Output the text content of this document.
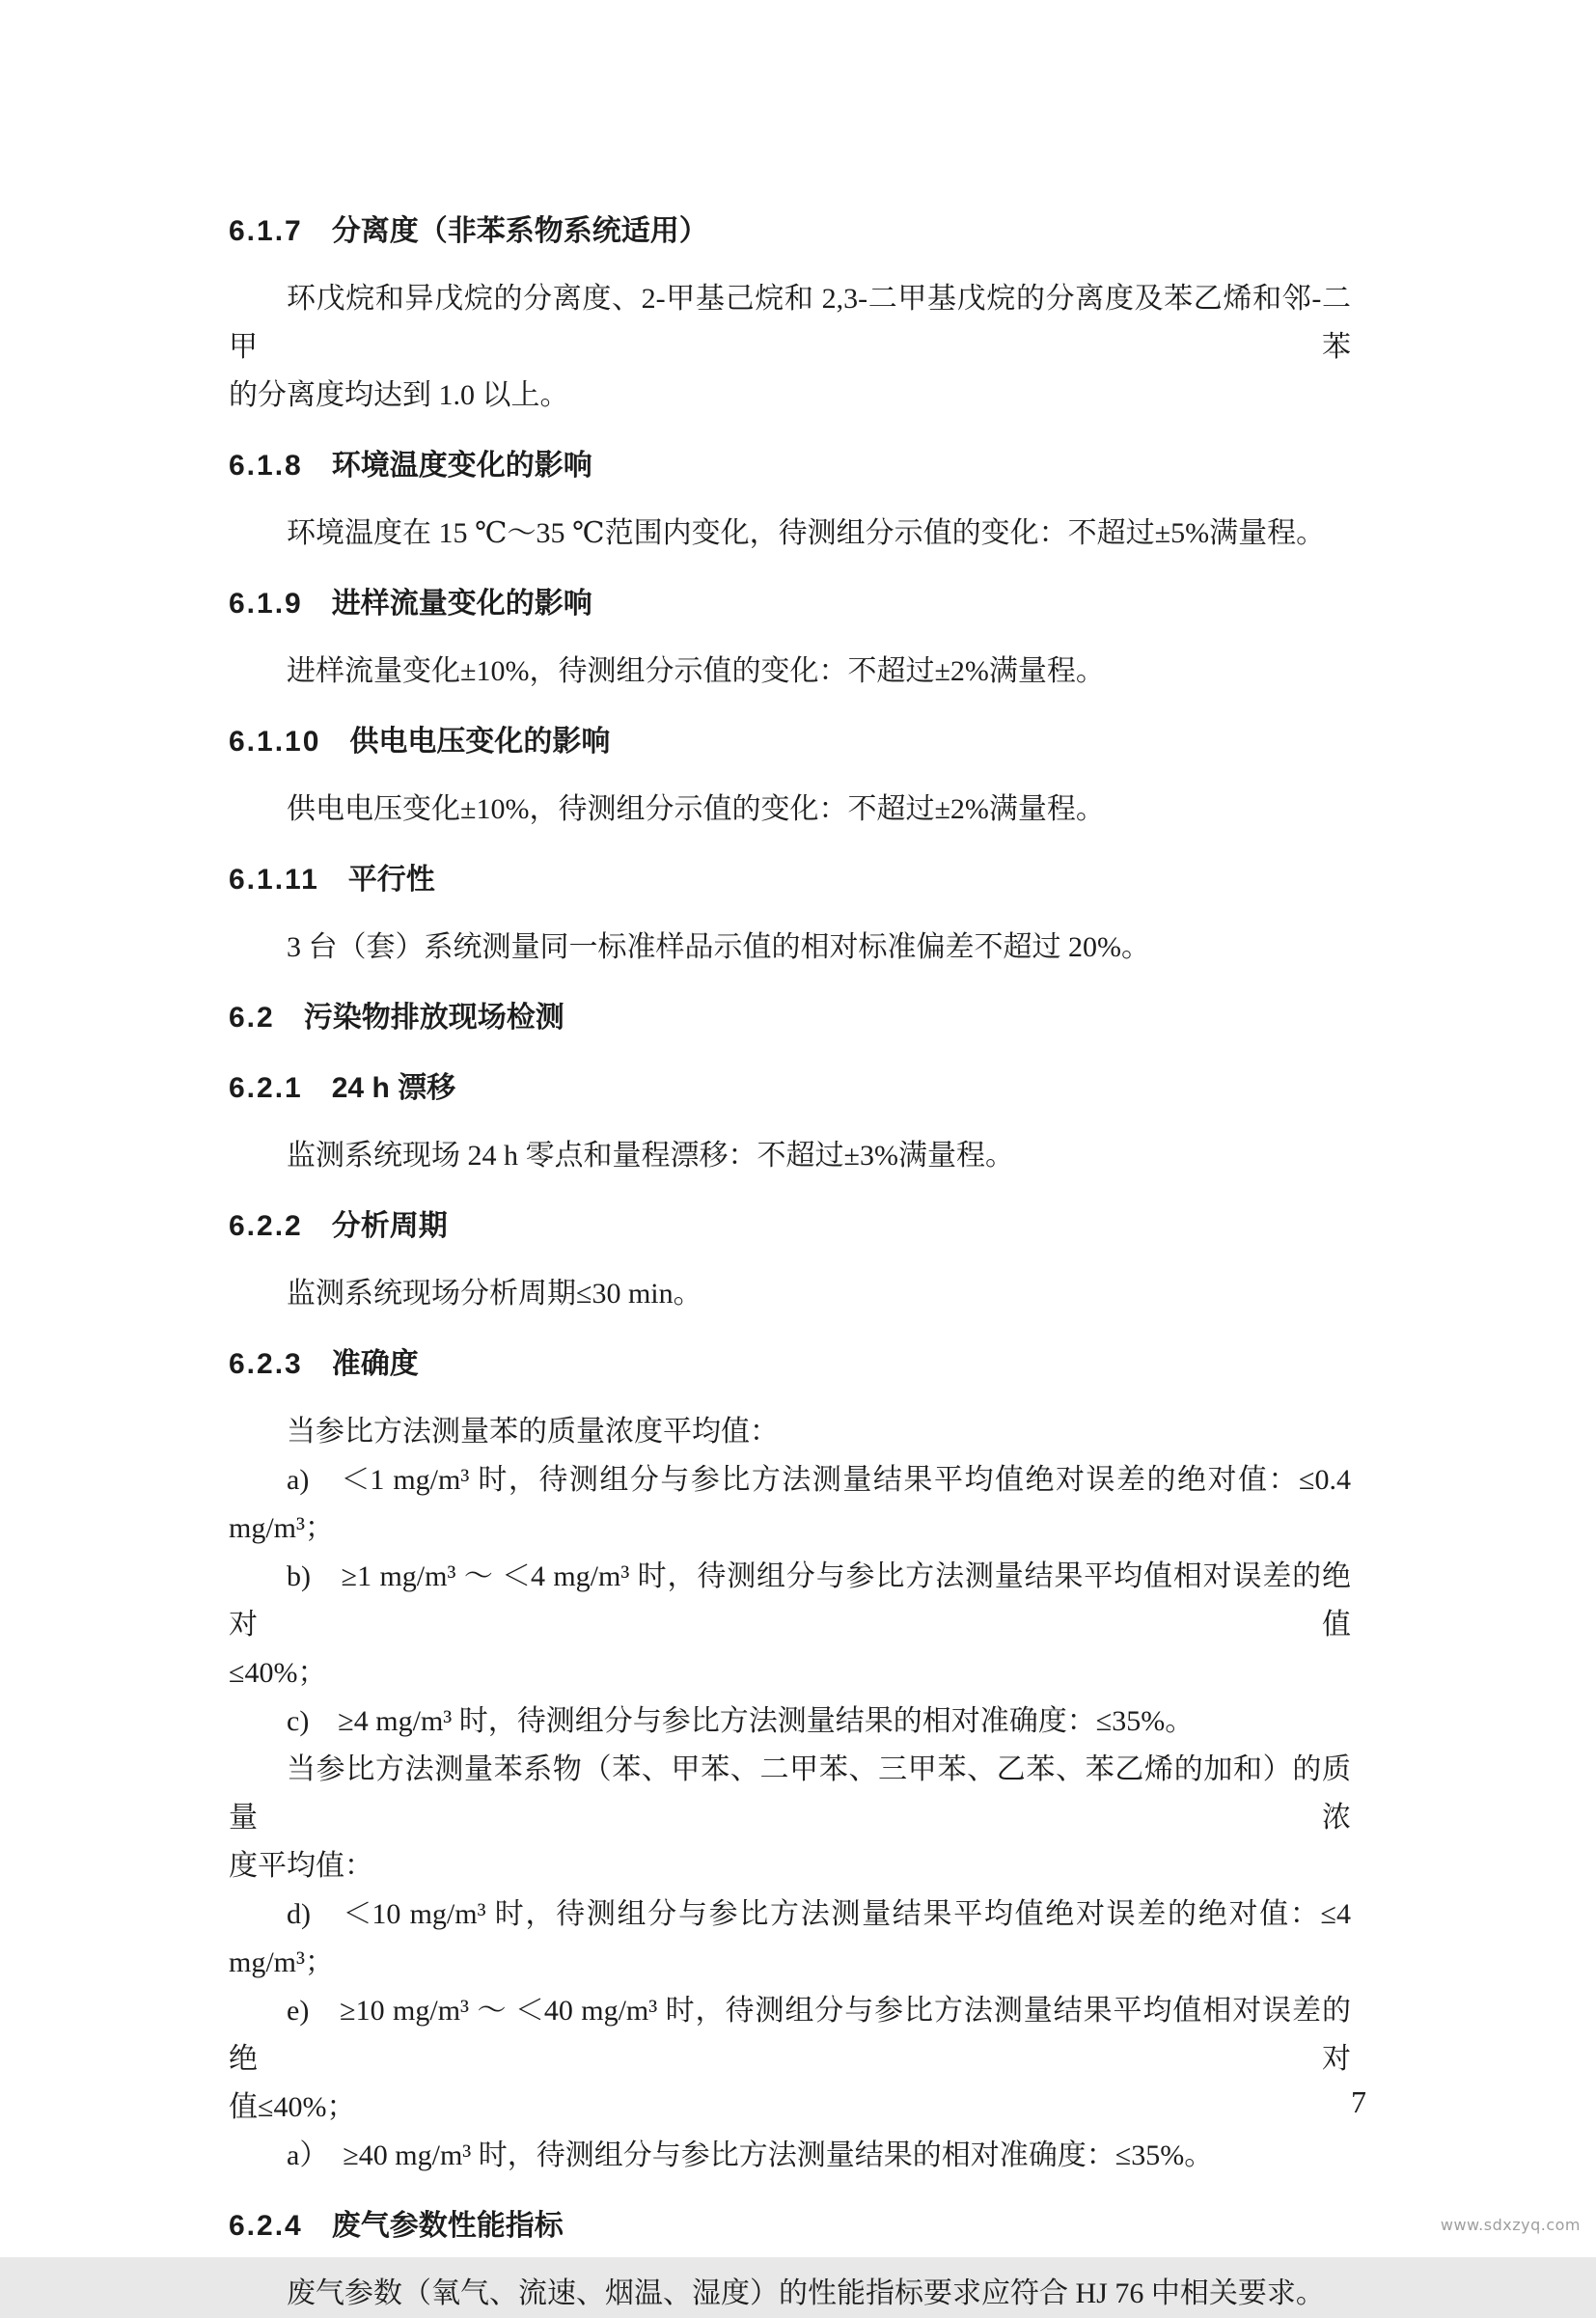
6.1.7 分离度（非苯系物系统适用）
环戊烷和异戊烷的分离度、2-甲基己烷和 2,3-二甲基戊烷的分离度及苯乙烯和邻-二甲苯
的分离度均达到 1.0 以上。
6.1.8 环境温度变化的影响
环境温度在 15 ℃～35 ℃范围内变化，待测组分示值的变化：不超过±5%满量程。
6.1.9 进样流量变化的影响
进样流量变化±10%，待测组分示值的变化：不超过±2%满量程。
6.1.10 供电电压变化的影响
供电电压变化±10%，待测组分示值的变化：不超过±2%满量程。
6.1.11 平行性
3 台（套）系统测量同一标准样品示值的相对标准偏差不超过 20%。
6.2 污染物排放现场检测
6.2.1 24 h 漂移
监测系统现场 24 h 零点和量程漂移：不超过±3%满量程。
6.2.2 分析周期
监测系统现场分析周期≤30 min。
6.2.3 准确度
当参比方法测量苯的质量浓度平均值：
a)　＜1 mg/m³ 时，待测组分与参比方法测量结果平均值绝对误差的绝对值：≤0.4 mg/m³；
b)　≥1 mg/m³ ～ ＜4 mg/m³ 时，待测组分与参比方法测量结果平均值相对误差的绝对值
≤40%；
c)　≥4 mg/m³ 时，待测组分与参比方法测量结果的相对准确度：≤35%。
当参比方法测量苯系物（苯、甲苯、二甲苯、三甲苯、乙苯、苯乙烯的加和）的质量浓
度平均值：
d)　＜10 mg/m³ 时，待测组分与参比方法测量结果平均值绝对误差的绝对值：≤4 mg/m³；
e)　≥10 mg/m³ ～ ＜40 mg/m³ 时，待测组分与参比方法测量结果平均值相对误差的绝对
值≤40%；
a）　≥40 mg/m³ 时，待测组分与参比方法测量结果的相对准确度：≤35%。
6.2.4 废气参数性能指标
废气参数（氧气、流速、烟温、湿度）的性能指标要求应符合 HJ 76 中相关要求。
7
www.sdxzyq.com
